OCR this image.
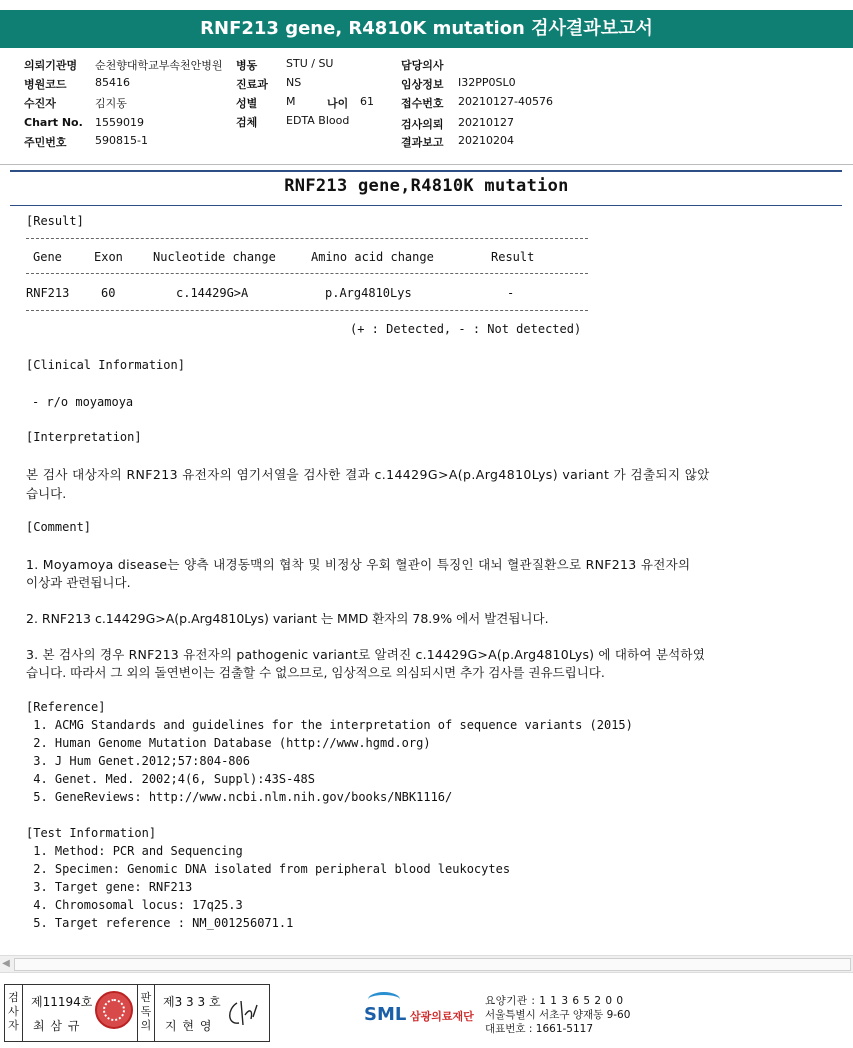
RNF213 gene, R4810K mutation 검사결과보고서
의뢰기관명 순천향대학교부속천안병원 병동	STU / SU	담당의사
병원코드	85416	진료과 NS	임상정보 I32PP0SL0
수진자	김지동	성별	M	나이 61 접수번호 20210127-40576
Chart No. 1559019	검체	EDTA Blood	검사의뢰 20210127
주민번호	590815-1	결과보고 20210204
RNF213 gene,R4810K mutation
[Result]
Gene	Exon	Nucleotide change	Amino acid change	Result
RNF213	60	c.14429G>A	p.Arg4810Lys	-
(+ : Detected, - : Not detected)
[Clinical Information]
- r/o moyamoya
[Interpretation]
본 검사 대상자의 RNF213 유전자의 염기서열을 검사한 결과 c.14429G>A(p.Arg4810Lys) variant 가 검출되지 않았
습니다.
[Comment]
1. Moyamoya disease는 양측 내경동맥의 협착 및 비정상 우회 혈관이 특징인 대뇌 혈관질환으로 RNF213 유전자의
이상과 관련됩니다.
2. RNF213 c.14429G>A(p.Arg4810Lys) variant 는 MMD 환자의 78.9% 에서 발견됩니다.
3. 본 검사의 경우 RNF213 유전자의 pathogenic variant로 알려진 c.14429G>A(p.Arg4810Lys) 에 대하여 분석하였
습니다. 따라서 그 외의 돌연변이는 검출할 수 없으므로, 임상적으로 의심되시면 추가 검사를 권유드립니다.
[Reference]
1. ACMG Standards and guidelines for the interpretation of sequence variants (2015)
2. Human Genome Mutation Database (http://www.hgmd.org)
3. J Hum Genet.2012;57:804-806
4. Genet. Med. 2002;4(6, Suppl):43S-48S
5. GeneReviews: http://www.ncbi.nlm.nih.gov/books/NBK1116/
[Test Information]
1. Method: PCR and Sequencing
2. Specimen: Genomic DNA isolated from peripheral blood leukocytes
3. Target gene: RNF213
4. Chromosomal locus: 17q25.3
5. Target reference : NM_001256071.1
◀
검사자
제11194호
최 삼 규
판독의
제3 3 3 호
지 현 영
SML 삼광의료재단
요양기관 : 1 1 3 6 5 2 0 0
서울특별시 서초구 양재동 9-60
대표번호 : 1661-5117
